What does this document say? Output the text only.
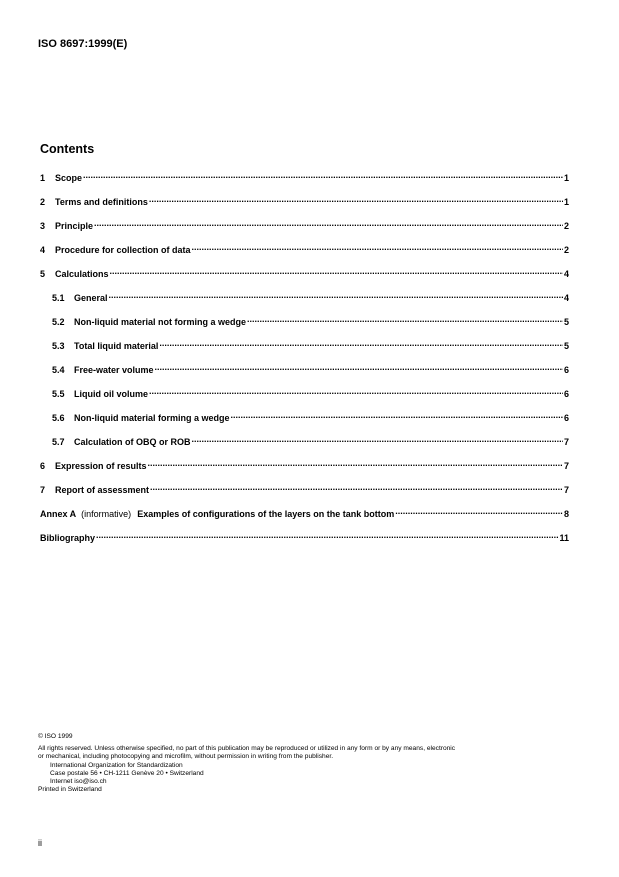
ISO 8697:1999(E)
Contents
1	Scope .....	1
2	Terms and definitions .....	1
3	Principle .....	2
4	Procedure for collection of data .....	2
5	Calculations .....	4
5.1	General .....	4
5.2	Non-liquid material not forming a wedge .....	5
5.3	Total liquid material .....	5
5.4	Free-water volume .....	6
5.5	Liquid oil volume .....	6
5.6	Non-liquid material forming a wedge .....	6
5.7	Calculation of OBQ or ROB .....	7
6	Expression of results .....	7
7	Report of assessment .....	7
Annex A (informative) Examples of configurations of the layers on the tank bottom .....	8
Bibliography .....	11
© ISO 1999
All rights reserved. Unless otherwise specified, no part of this publication may be reproduced or utilized in any form or by any means, electronic
or mechanical, including photocopying and microfilm, without permission in writing from the publisher.
International Organization for Standardization
Case postale 56 • CH-1211 Genève 20 • Switzerland
Internet iso@iso.ch
Printed in Switzerland
ii
